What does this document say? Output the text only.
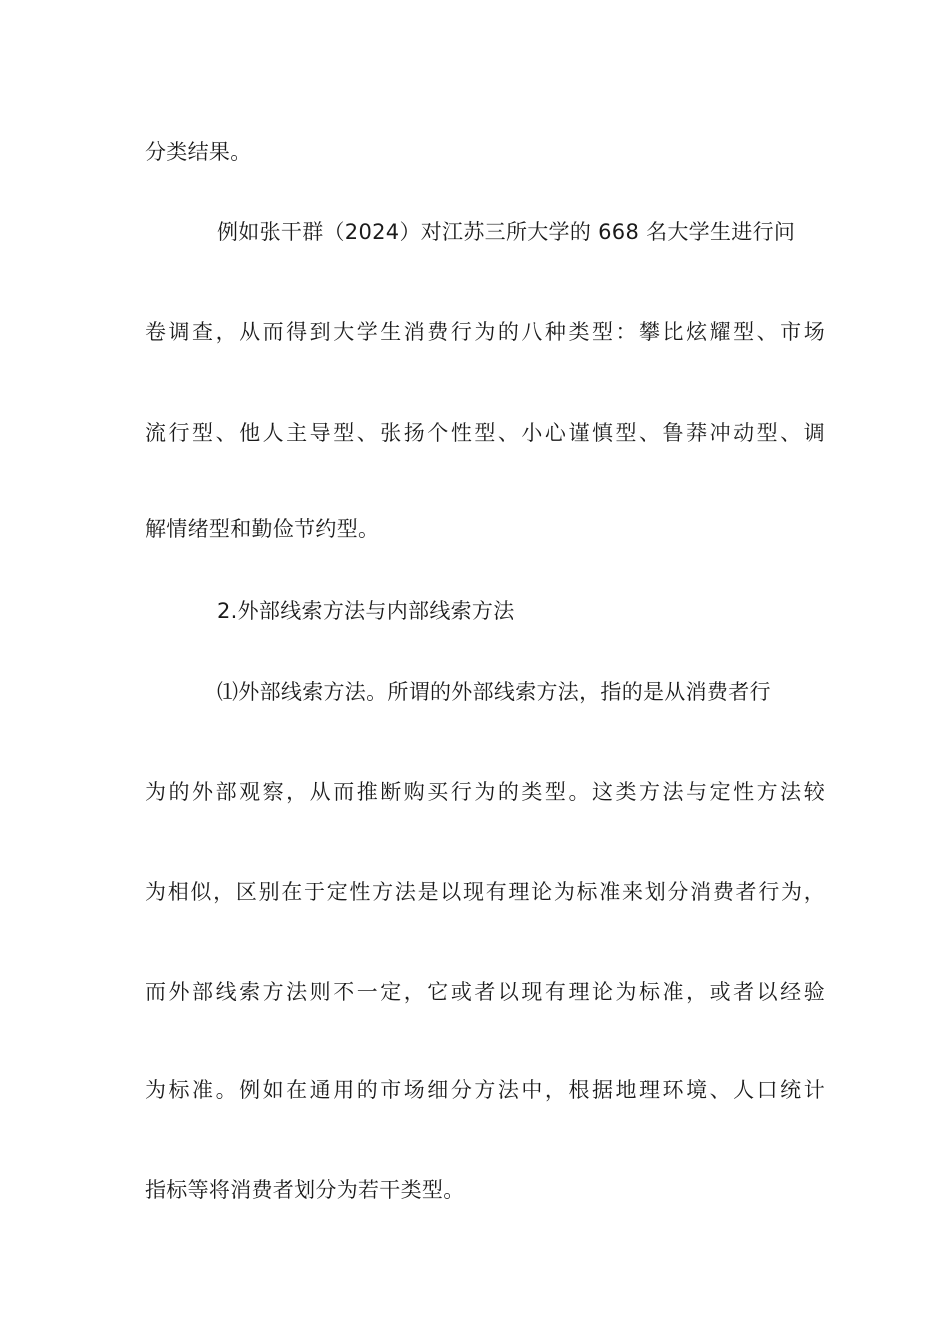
分类结果。
例如张干群（2024）对江苏三所大学的 668 名大学生进行问
卷调查，从而得到大学生消费行为的八种类型：攀比炫耀型、市场
流行型、他人主导型、张扬个性型、小心谨慎型、鲁莽冲动型、调
解情绪型和勤俭节约型。
2.外部线索方法与内部线索方法
⑴外部线索方法。所谓的外部线索方法，指的是从消费者行
为的外部观察，从而推断购买行为的类型。这类方法与定性方法较
为相似，区别在于定性方法是以现有理论为标准来划分消费者行为，
而外部线索方法则不一定，它或者以现有理论为标准，或者以经验
为标准。例如在通用的市场细分方法中，根据地理环境、人口统计
指标等将消费者划分为若干类型。
